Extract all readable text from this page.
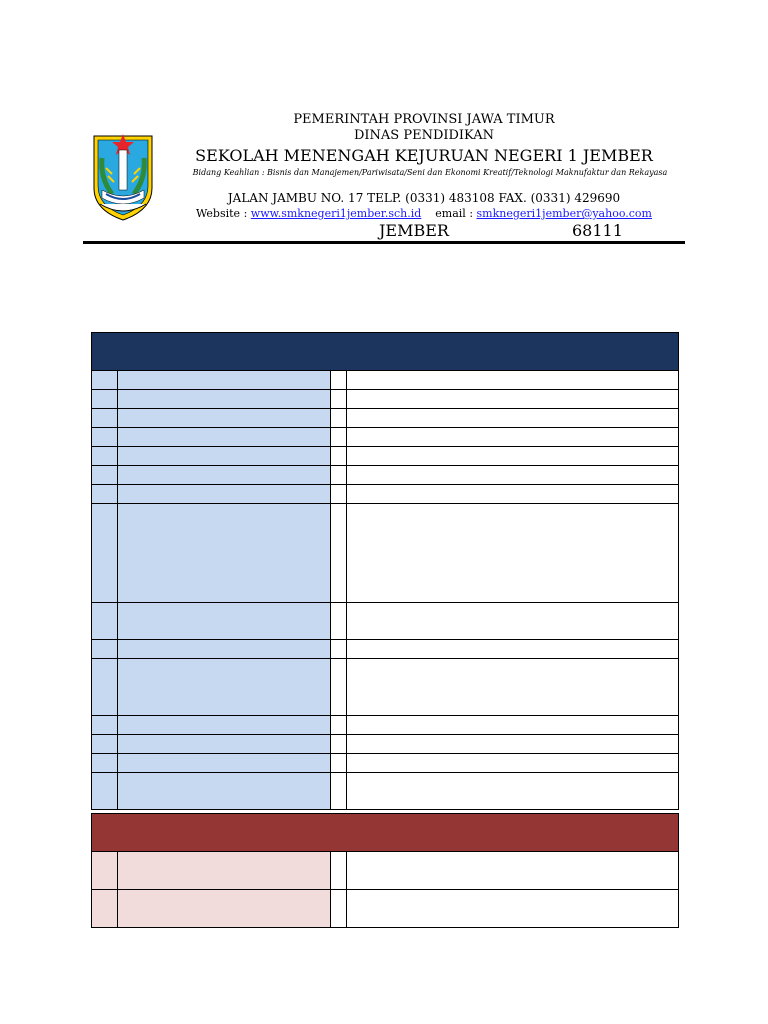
PEMERINTAH PROVINSI JAWA TIMUR
DINAS PENDIDIKAN
SEKOLAH MENENGAH KEJURUAN NEGERI 1 JEMBER
Bidang Keahlian : Bisnis dan Manajemen/Pariwisata/Seni dan Ekonomi Kreatif/Teknologi Maknufaktur dan Rekayasa
JALAN JAMBU NO. 17 TELP. (0331) 483108 FAX. (0331) 429690
Website : www.smknegeri1jember.sch.id email : smknegeri1jember@yahoo.com
JEMBER	68111
